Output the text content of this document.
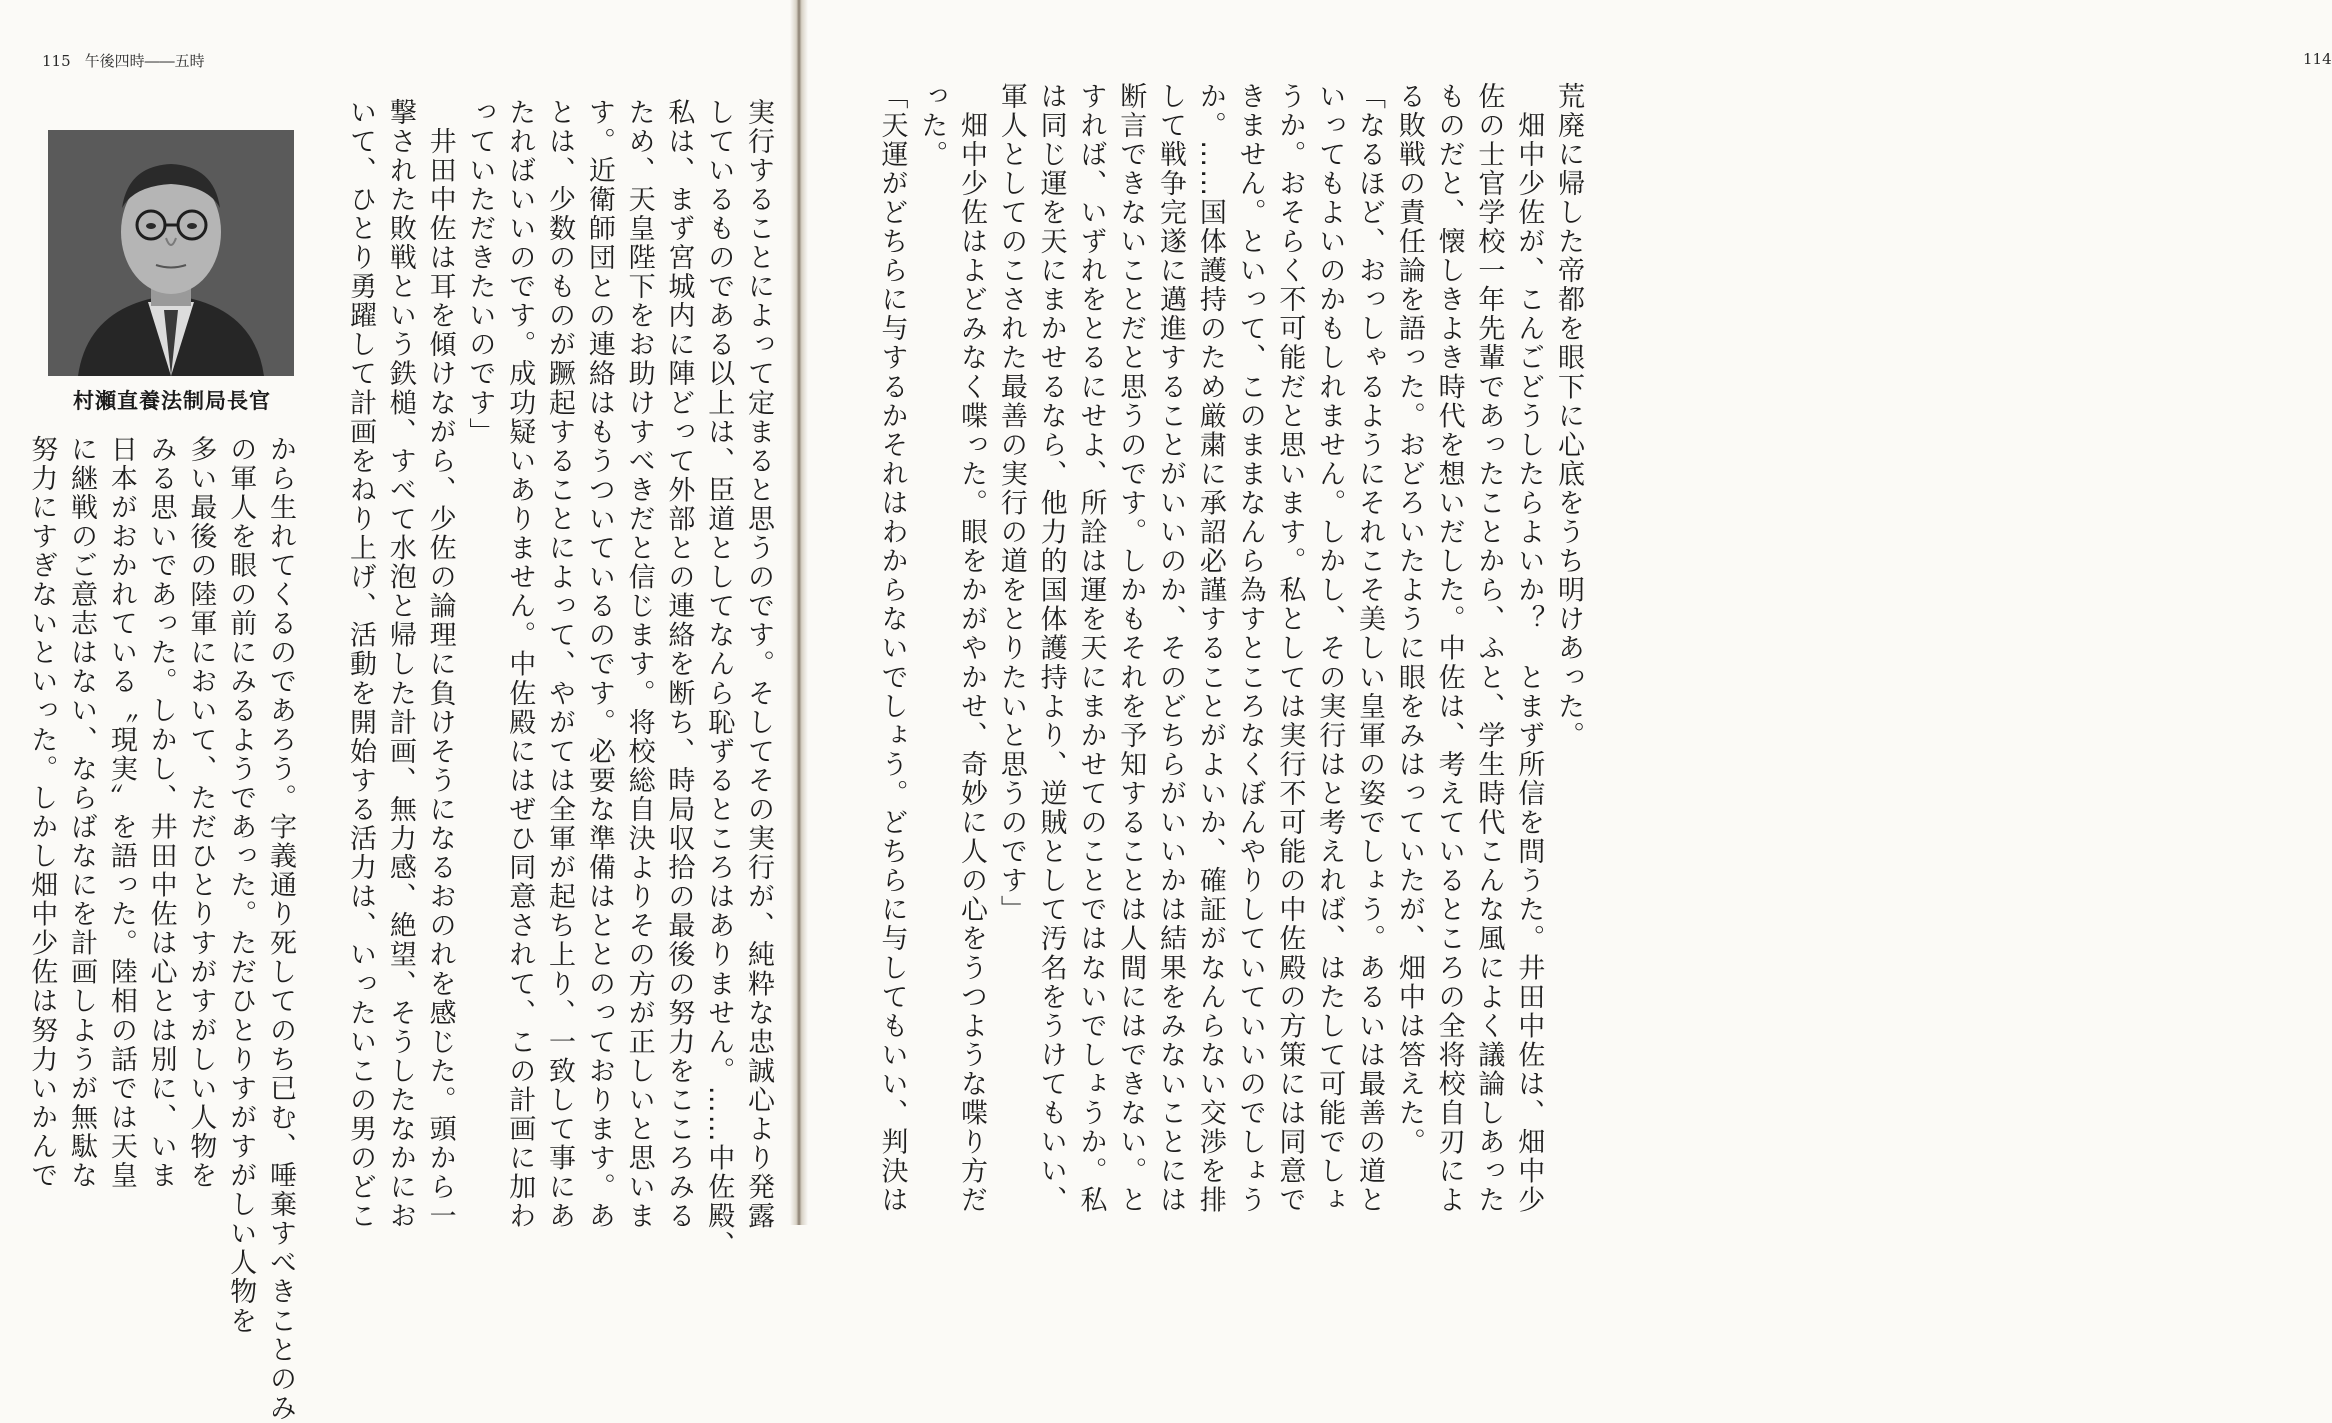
115 午後四時――五時
村瀬直養法制局長官	実行することによって定まると思うのです。そしてその実行が、純粋な忠誠心より発露
しているものである以上は、臣道としてなんら恥ずるところはありません。……中佐殿、
私は、まず宮城内に陣どって外部との連絡を断ち、時局収拾の最後の努力をこころみる
ため、天皇陛下をお助けすべきだと信じます。将校総自決よりその方が正しいと思いま
す。近衛師団との連絡はもうついているのです。必要な準備はととのっております。あ
とは、少数のものが蹶起することによって、やがては全軍が起ち上り、一致して事にあ
たればいいのです。成功疑いありません。中佐殿にはぜひ同意されて、この計画に加わ
っていただきたいのです」
　井田中佐は耳を傾けながら、少佐の論理に負けそうになるおのれを感じた。頭から一
撃された敗戦という鉄槌、すべて水泡と帰した計画、無力感、絶望、そうしたなかにお
いて、ひとり勇躍して計画をねり上げ、活動を開始する活力は、いったいこの男のどこ
から生れてくるのであろう。字義通り死してのち已む、唾棄すべきことのみ
の軍人を眼の前にみるようであった。ただひとりすがすがしい人物を
多い最後の陸軍において、ただひとりすがすがしい人物を
みる思いであった。しかし、井田中佐は心とは別に、いま
日本がおかれている〝現実〟を語った。陸相の話では天皇
に継戦のご意志はない、ならばなにを計画しようが無駄な
努力にすぎないといった。しかし畑中少佐は努力いかんで
114
荒廃に帰した帝都を眼下に心底をうち明けあった。
　畑中少佐が、こんごどうしたらよいか？　とまず所信を問うた。井田中佐は、畑中少
佐の士官学校一年先輩であったことから、ふと、学生時代こんな風によく議論しあった
ものだと、懐しきよき時代を想いだした。中佐は、考えているところの全将校自刃によ
る敗戦の責任論を語った。おどろいたように眼をみはっていたが、畑中は答えた。
「なるほど、おっしゃるようにそれこそ美しい皇軍の姿でしょう。あるいは最善の道と
いってもよいのかもしれません。しかし、その実行はと考えれば、はたして可能でしょ
うか。おそらく不可能だと思います。私としては実行不可能の中佐殿の方策には同意で
きません。といって、このままなんら為すところなくぼんやりしていていいのでしょう
か。……国体護持のため厳粛に承詔必謹することがよいか、確証がなんらない交渉を排
して戦争完遂に邁進することがいいのか、そのどちらがいいかは結果をみないことには
断言できないことだと思うのです。しかもそれを予知することは人間にはできない。と
すれば、いずれをとるにせよ、所詮は運を天にまかせてのことではないでしょうか。私
は同じ運を天にまかせるなら、他力的国体護持より、逆賊として汚名をうけてもいい、
軍人としてのこされた最善の実行の道をとりたいと思うのです」
　畑中少佐はよどみなく喋った。眼をかがやかせ、奇妙に人の心をうつような喋り方だ
った。
「天運がどちらに与するかそれはわからないでしょう。どちらに与してもいい、判決は
